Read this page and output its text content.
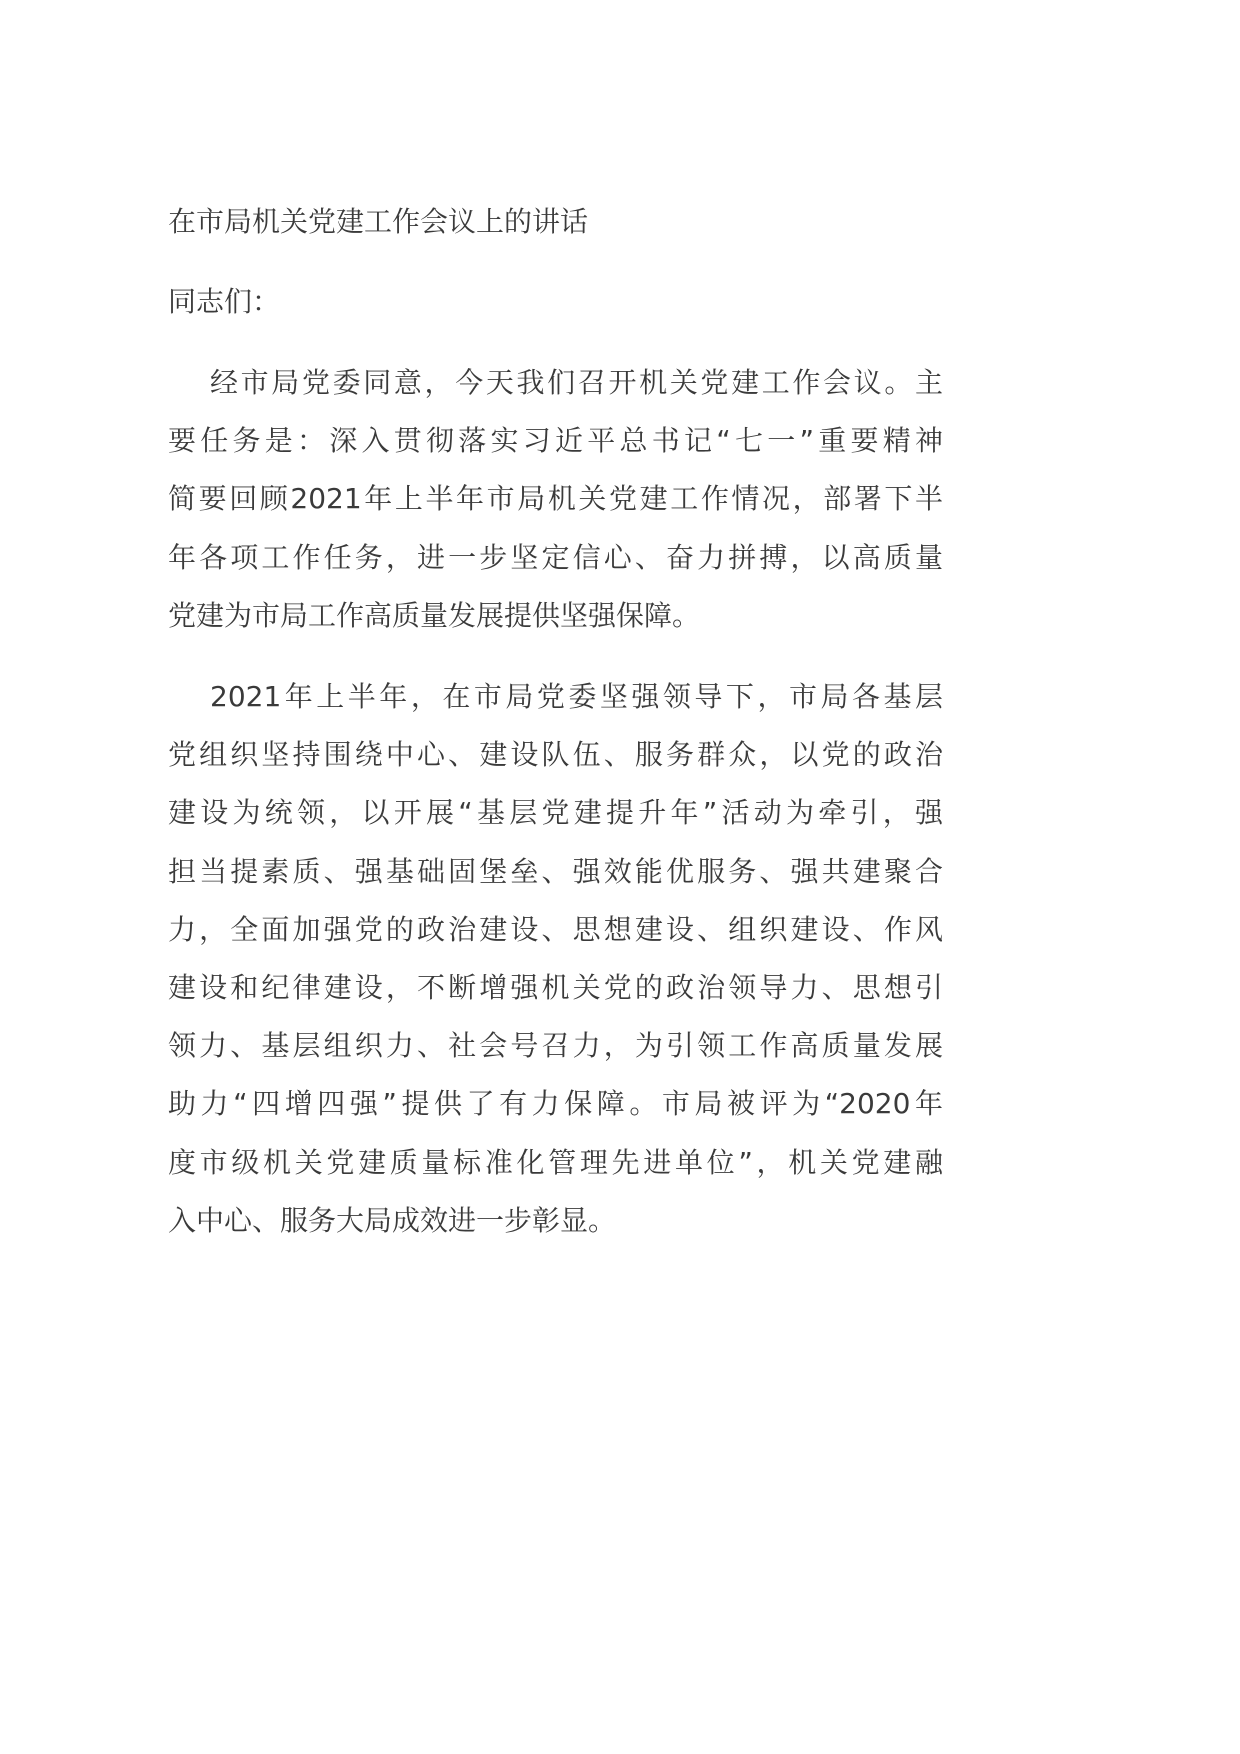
在市局机关党建工作会议上的讲话
同志们：
经市局党委同意，今天我们召开机关党建工作会议。主
要任务是：深入贯彻落实习近平总书记“七一”重要精神
简要回顾2021年上半年市局机关党建工作情况，部署下半
年各项工作任务，进一步坚定信心、奋力拼搏，以高质量
党建为市局工作高质量发展提供坚强保障。
2021年上半年，在市局党委坚强领导下，市局各基层
党组织坚持围绕中心、建设队伍、服务群众，以党的政治
建设为统领，以开展“基层党建提升年”活动为牵引，强
担当提素质、强基础固堡垒、强效能优服务、强共建聚合
力，全面加强党的政治建设、思想建设、组织建设、作风
建设和纪律建设，不断增强机关党的政治领导力、思想引
领力、基层组织力、社会号召力，为引领工作高质量发展
助力“四增四强”提供了有力保障。市局被评为“2020年
度市级机关党建质量标准化管理先进单位”，机关党建融
入中心、服务大局成效进一步彰显。
